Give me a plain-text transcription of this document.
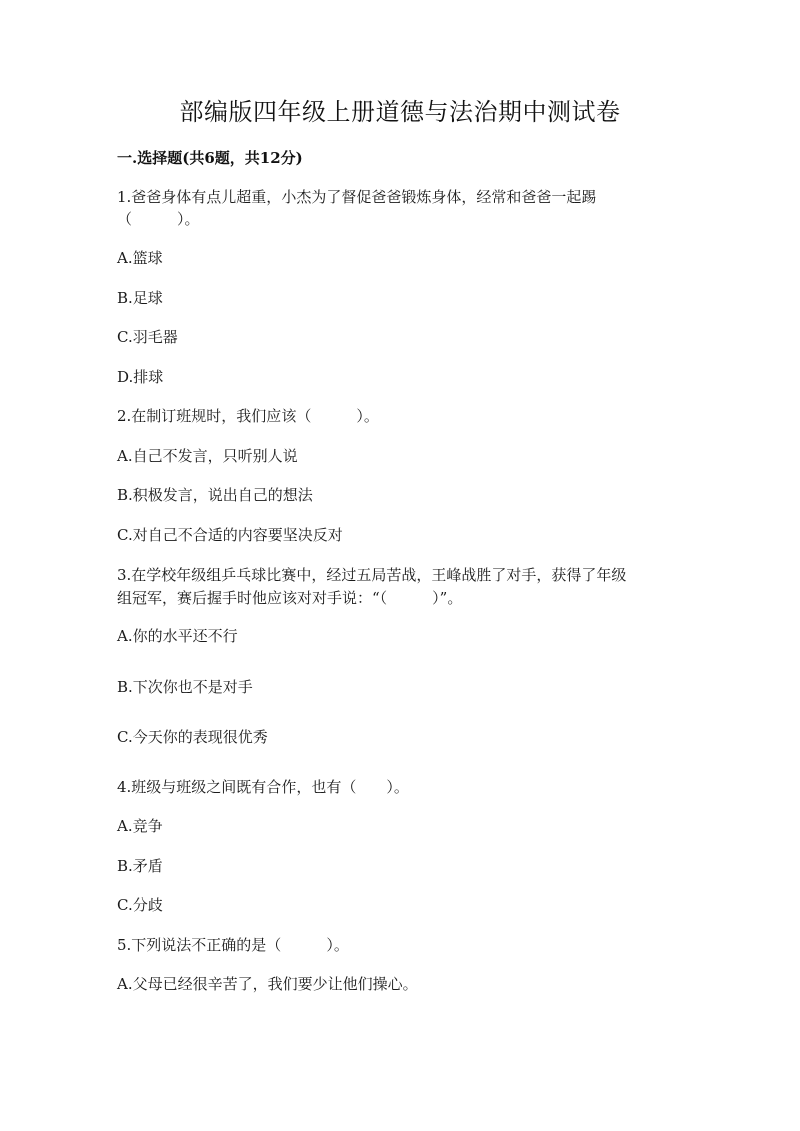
部编版四年级上册道德与法治期中测试卷
一.选择题(共6题，共12分)
1.爸爸身体有点儿超重，小杰为了督促爸爸锻炼身体，经常和爸爸一起踢
（　　　）。
A.篮球
B.足球
C.羽毛器
D.排球
2.在制订班规时，我们应该（　　　）。
A.自己不发言，只听别人说
B.积极发言，说出自己的想法
C.对自己不合适的内容要坚决反对
3.在学校年级组乒乓球比赛中，经过五局苦战，王峰战胜了对手，获得了年级
组冠军，赛后握手时他应该对对手说：“（　　　）”。
A.你的水平还不行
B.下次你也不是对手
C.今天你的表现很优秀
4.班级与班级之间既有合作，也有（　　）。
A.竞争
B.矛盾
C.分歧
5.下列说法不正确的是（　　　）。
A.父母已经很辛苦了，我们要少让他们操心。
